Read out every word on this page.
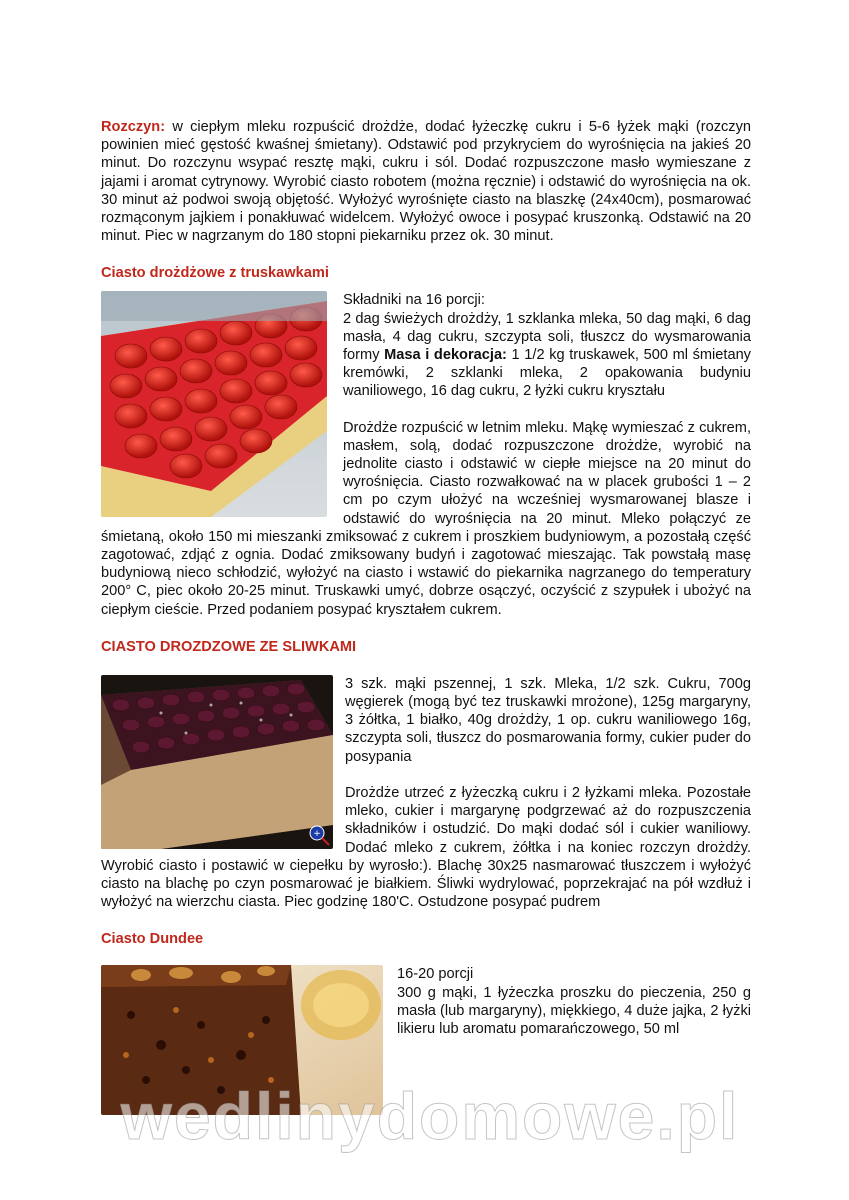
Rozczyn: w ciepłym mleku rozpuścić drożdże, dodać łyżeczkę cukru i 5-6 łyżek mąki (rozczyn powinien mieć gęstość kwaśnej śmietany). Odstawić pod przykryciem do wyrośnięcia na jakieś 20 minut. Do rozczynu wsypać resztę mąki, cukru i sól. Dodać rozpuszczone masło wymieszane z jajami i aromat cytrynowy. Wyrobić ciasto robotem (można ręcznie) i odstawić do wyrośnięcia na ok. 30 minut aż podwoi swoją objętość. Wyłożyć wyrośnięte ciasto na blaszkę (24x40cm), posmarować rozmąconym jajkiem i ponakłuwać widelcem. Wyłożyć owoce i posypać kruszonką. Odstawić na 20 minut. Piec w nagrzanym do 180 stopni piekarniku przez ok. 30 minut.

Ciasto drożdżowe z truskawkami

Składniki na 16 porcji:

2 dag świeżych drożdży, 1 szklanka mleka, 50 dag mąki, 6 dag masła, 4 dag cukru, szczypta soli, tłuszcz do wysmarowania formy Masa i dekoracja: 1 1/2 kg truskawek, 500 ml śmietany kremówki, 2 szklanki mleka, 2 opakowania budyniu waniliowego, 16 dag cukru, 2 łyżki cukru kryształu

Drożdże rozpuścić w letnim mleku. Mąkę wymieszać z cukrem, masłem, solą, dodać rozpuszczone drożdże, wyrobić na jednolite ciasto i odstawić w ciepłe miejsce na 20 minut do wyrośnięcia. Ciasto rozwałkować na w placek grubości 1 – 2 cm po czym ułożyć na wcześniej wysmarowanej blasze i odstawić do wyrośnięcia na 20 minut. Mleko połączyć ze śmietaną, około 150 mi mieszanki zmiksować z cukrem i proszkiem budyniowym, a pozostałą część zagotować, zdjąć z ognia. Dodać zmiksowany budyń i zagotować mieszając. Tak powstałą masę budyniową nieco schłodzić, wyłożyć na ciasto i wstawić do piekarnika nagrzanego do temperatury 200° C, piec około 20-25 minut. Truskawki umyć, dobrze osączyć, oczyścić z szypułek i ubożyć na ciepłym cieście. Przed podaniem posypać kryształem cukrem.

CIASTO DROZDZOWE ZE SLIWKAMI
+

3 szk. mąki pszennej, 1 szk. Mleka, 1/2 szk. Cukru, 700g węgierek (mogą być tez truskawki mrożone), 125g margaryny, 3 żółtka, 1 białko, 40g drożdży, 1 op. cukru waniliowego 16g, szczypta soli, tłuszcz do posmarowania formy, cukier puder do posypania

Drożdże utrzeć z łyżeczką cukru i 2 łyżkami mleka. Pozostałe mleko, cukier i margarynę podgrzewać aż do rozpuszczenia składników i ostudzić. Do mąki dodać sól i cukier waniliowy. Dodać mleko z cukrem, żółtka i na koniec rozczyn drożdży. Wyrobić ciasto i postawić w ciepełku by wyrosło:). Blachę 30x25 nasmarować tłuszczem i wyłożyć ciasto na blachę po czyn posmarować je białkiem. Śliwki wydrylować, poprzekrajać na pół wzdłuż i wyłożyć na wierzchu ciasta. Piec godzinę 180'C. Ostudzone posypać pudrem

Ciasto Dundee

16-20 porcji

300 g mąki, 1 łyżeczka proszku do pieczenia, 250 g masła (lub margaryny), miękkiego, 4 duże jajka, 2 łyżki likieru lub aromatu pomarańczowego, 50 ml

wedlinydomowe.pl
